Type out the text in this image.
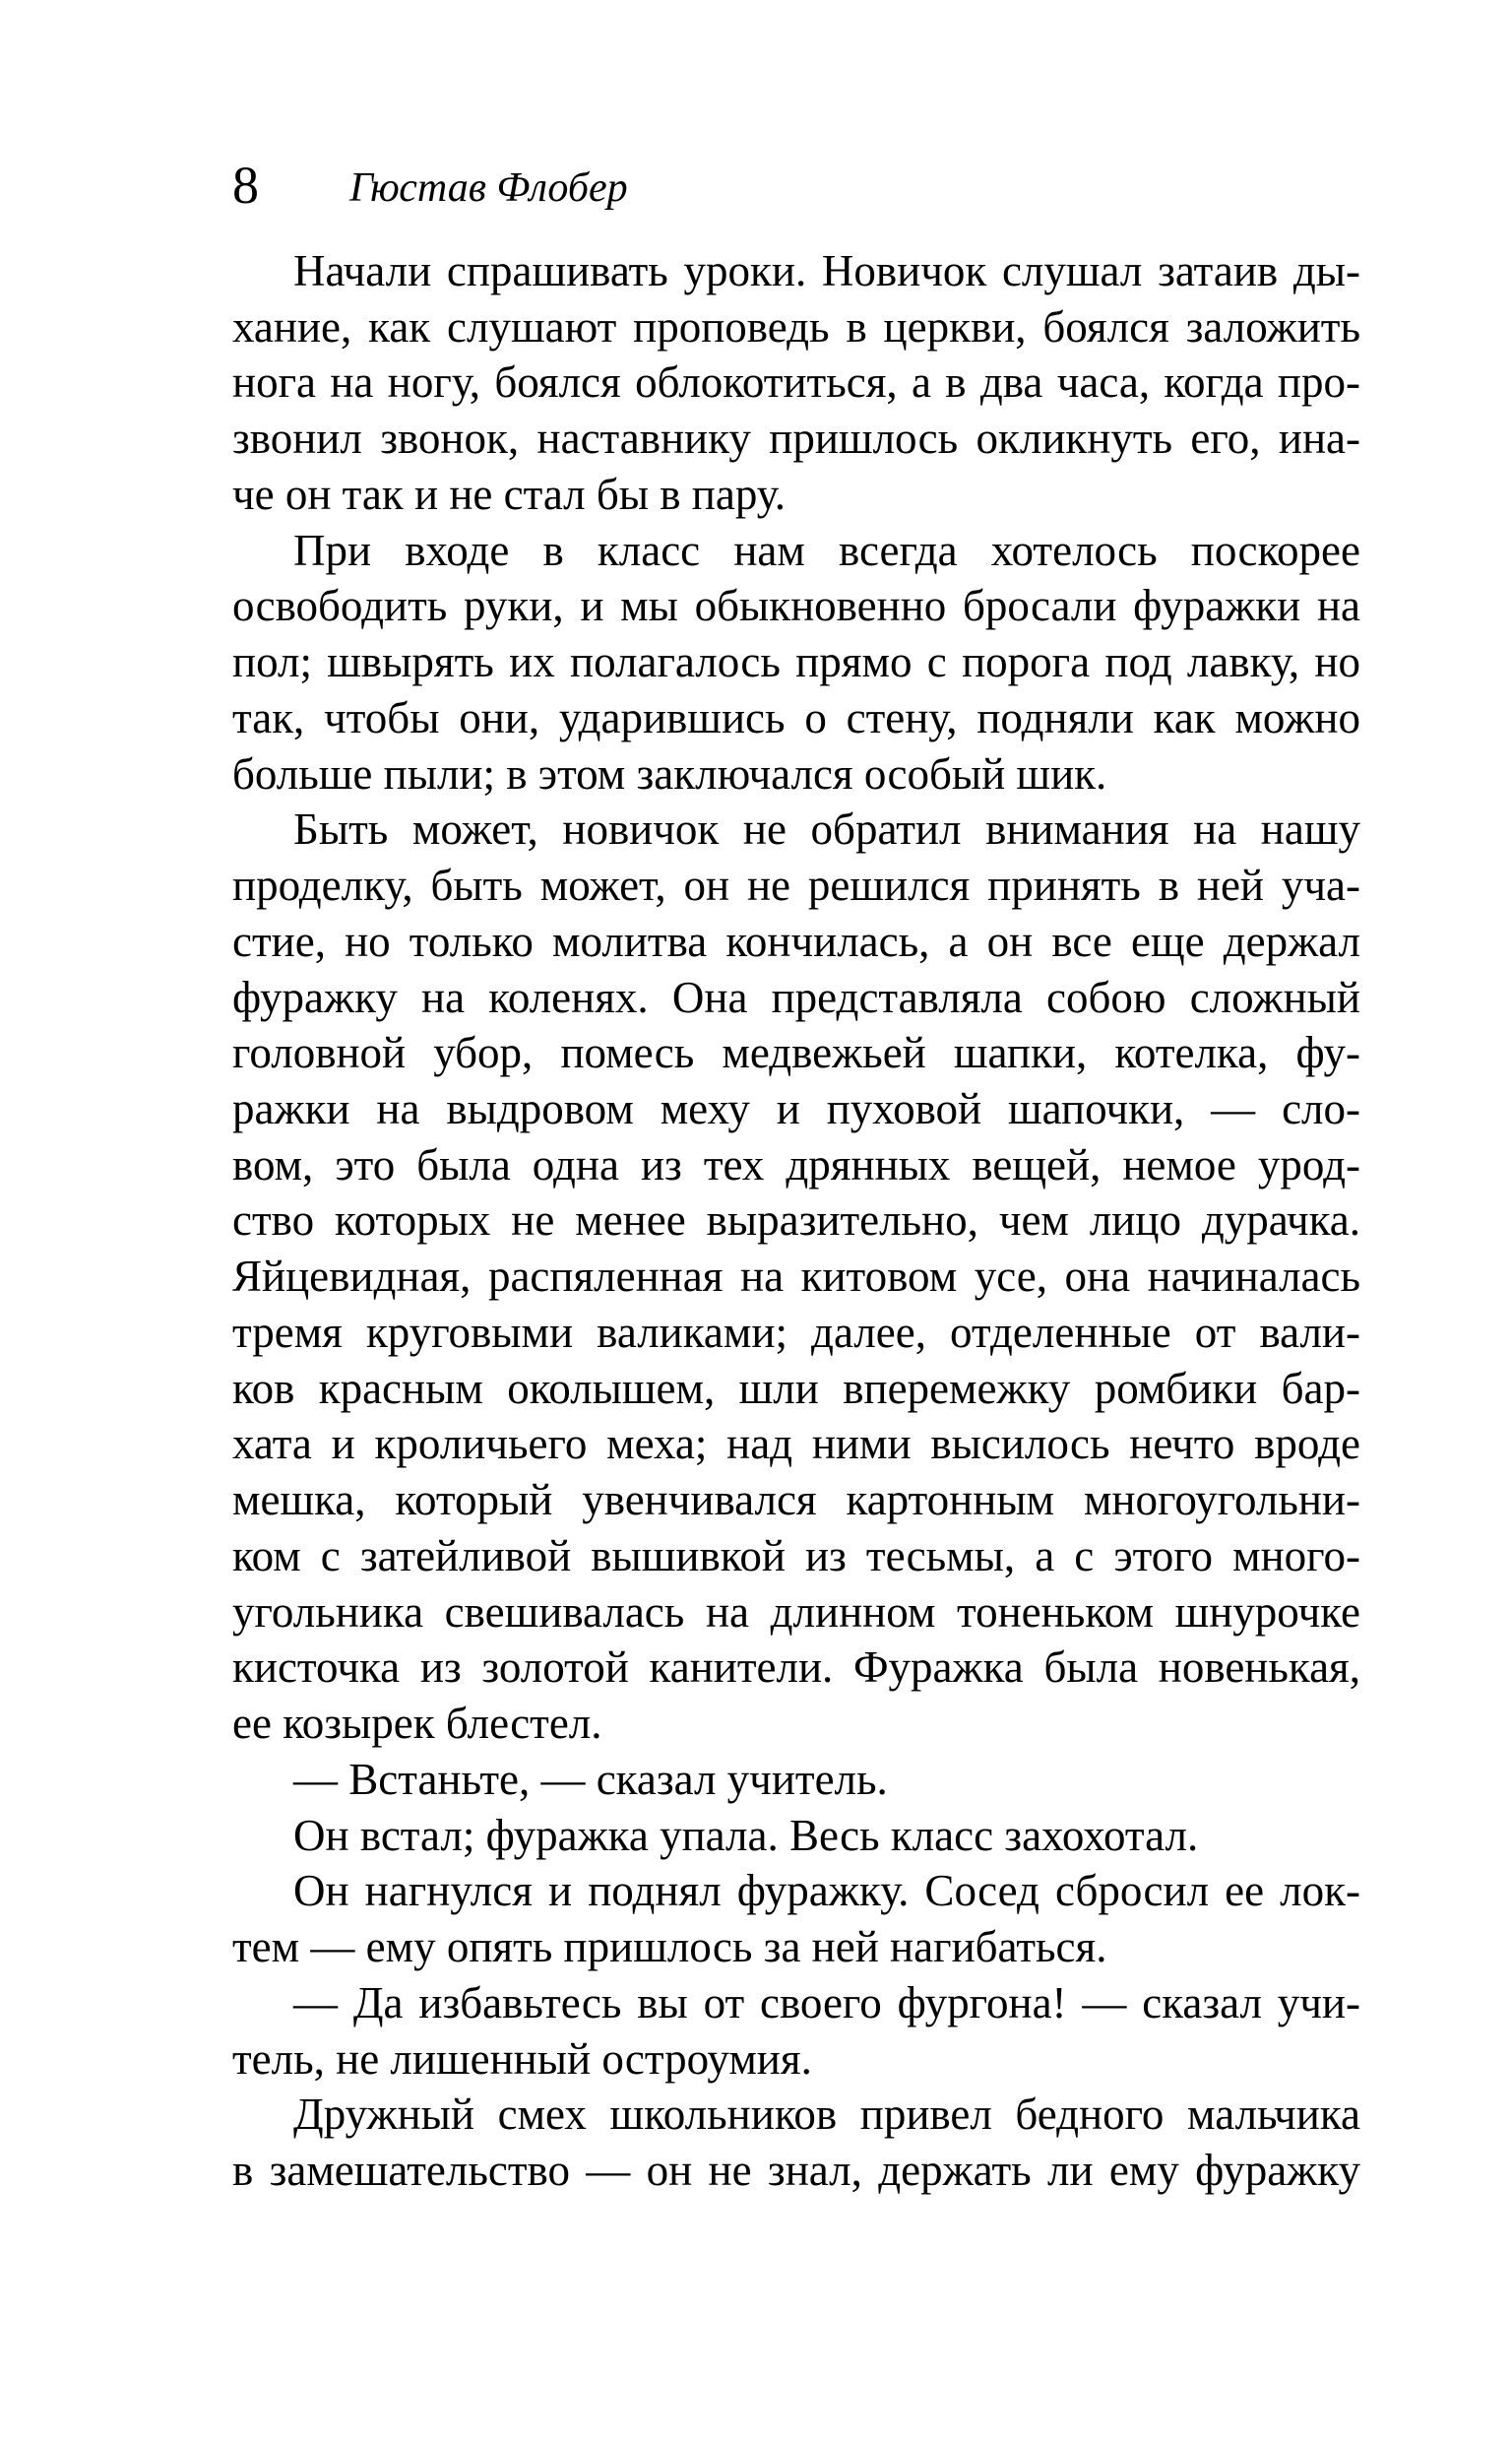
8 Гюстав Флобер
Начали спрашивать уроки. Новичок слушал затаив ды-
хание, как слушают проповедь в церкви, боялся заложить
нога на ногу, боялся облокотиться, а в два часа, когда про-
звонил звонок, наставнику пришлось окликнуть его, ина-
че он так и не стал бы в пару.
При входе в класс нам всегда хотелось поскорее
освободить руки, и мы обыкновенно бросали фуражки на
пол; швырять их полагалось прямо с порога под лавку, но
так, чтобы они, ударившись о стену, подняли как можно
больше пыли; в этом заключался особый шик.
Быть может, новичок не обратил внимания на нашу
проделку, быть может, он не решился принять в ней уча-
стие, но только молитва кончилась, а он все еще держал
фуражку на коленях. Она представляла собою сложный
головной убор, помесь медвежьей шапки, котелка, фу-
ражки на выдровом меху и пуховой шапочки, — сло-
вом, это была одна из тех дрянных вещей, немое урод-
ство которых не менее выразительно, чем лицо дурачка.
Яйцевидная, распяленная на китовом усе, она начиналась
тремя круговыми валиками; далее, отделенные от вали-
ков красным околышем, шли вперемежку ромбики бар-
хата и кроличьего меха; над ними высилось нечто вроде
мешка, который увенчивался картонным многоугольни-
ком с затейливой вышивкой из тесьмы, а с этого много-
угольника свешивалась на длинном тоненьком шнурочке
кисточка из золотой канители. Фуражка была новенькая,
ее козырек блестел.
— Встаньте, — сказал учитель.
Он встал; фуражка упала. Весь класс захохотал.
Он нагнулся и поднял фуражку. Сосед сбросил ее лок-
тем — ему опять пришлось за ней нагибаться.
— Да избавьтесь вы от своего фургона! — сказал учи-
тель, не лишенный остроумия.
Дружный смех школьников привел бедного мальчика
в замешательство — он не знал, держать ли ему фуражку
